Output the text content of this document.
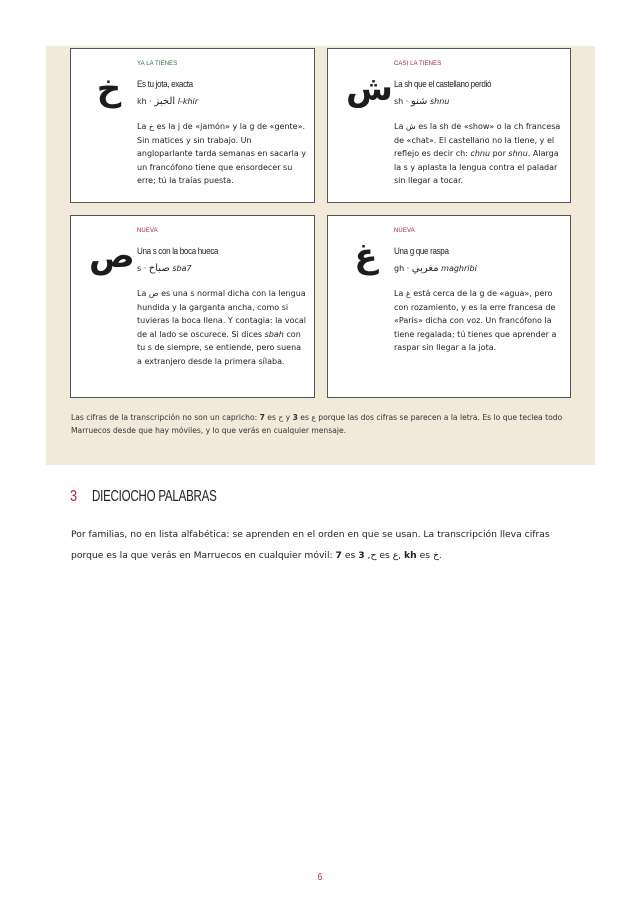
خ
YA LA TIENES
Es tu jota, exacta
kh · الخبز l-khir
La خ es la j de «jamón» y la g de «gente». Sin matices y sin trabajo. Un angloparlante tarda semanas en sacarla y un francófono tiene que ensordecer su erre; tú la traías puesta.
ش
CASI LA TIENES
La sh que el castellano perdió
sh · شنو shnu
La ش es la sh de «show» o la ch francesa de «chat». El castellano no la tiene, y el reflejo es decir ch: chnu por shnu. Alarga la s y aplasta la lengua contra el paladar sin llegar a tocar.
ص
NUEVA
Una s con la boca hueca
s · صباح sba7
La ص es una s normal dicha con la lengua hundida y la garganta ancha, como si tuvieras la boca llena. Y contagia: la vocal de al lado se oscurece. Si dices sbah con tu s de siempre, se entiende, pero suena a extranjero desde la primera sílaba.
غ
NUEVA
Una g que raspa
gh · مغربي maghribi
La غ está cerca de la g de «agua», pero con rozamiento, y es la erre francesa de «Paris» dicha con voz. Un francófono la tiene regalada; tú tienes que aprender a raspar sin llegar a la jota.
Las cifras de la transcripción no son un capricho: 7 es ح y 3 es ع porque las dos cifras se parecen a la letra. Es lo que teclea todo Marruecos desde que hay móviles, y lo que verás en cualquier mensaje.
3 DIECIOCHO PALABRAS
Por familias, no en lista alfabética: se aprenden en el orden en que se usan. La transcripción lleva cifras porque es la que verás en Marruecos en cualquier móvil: 7 es ح, 3 es ع, kh es خ.
6
